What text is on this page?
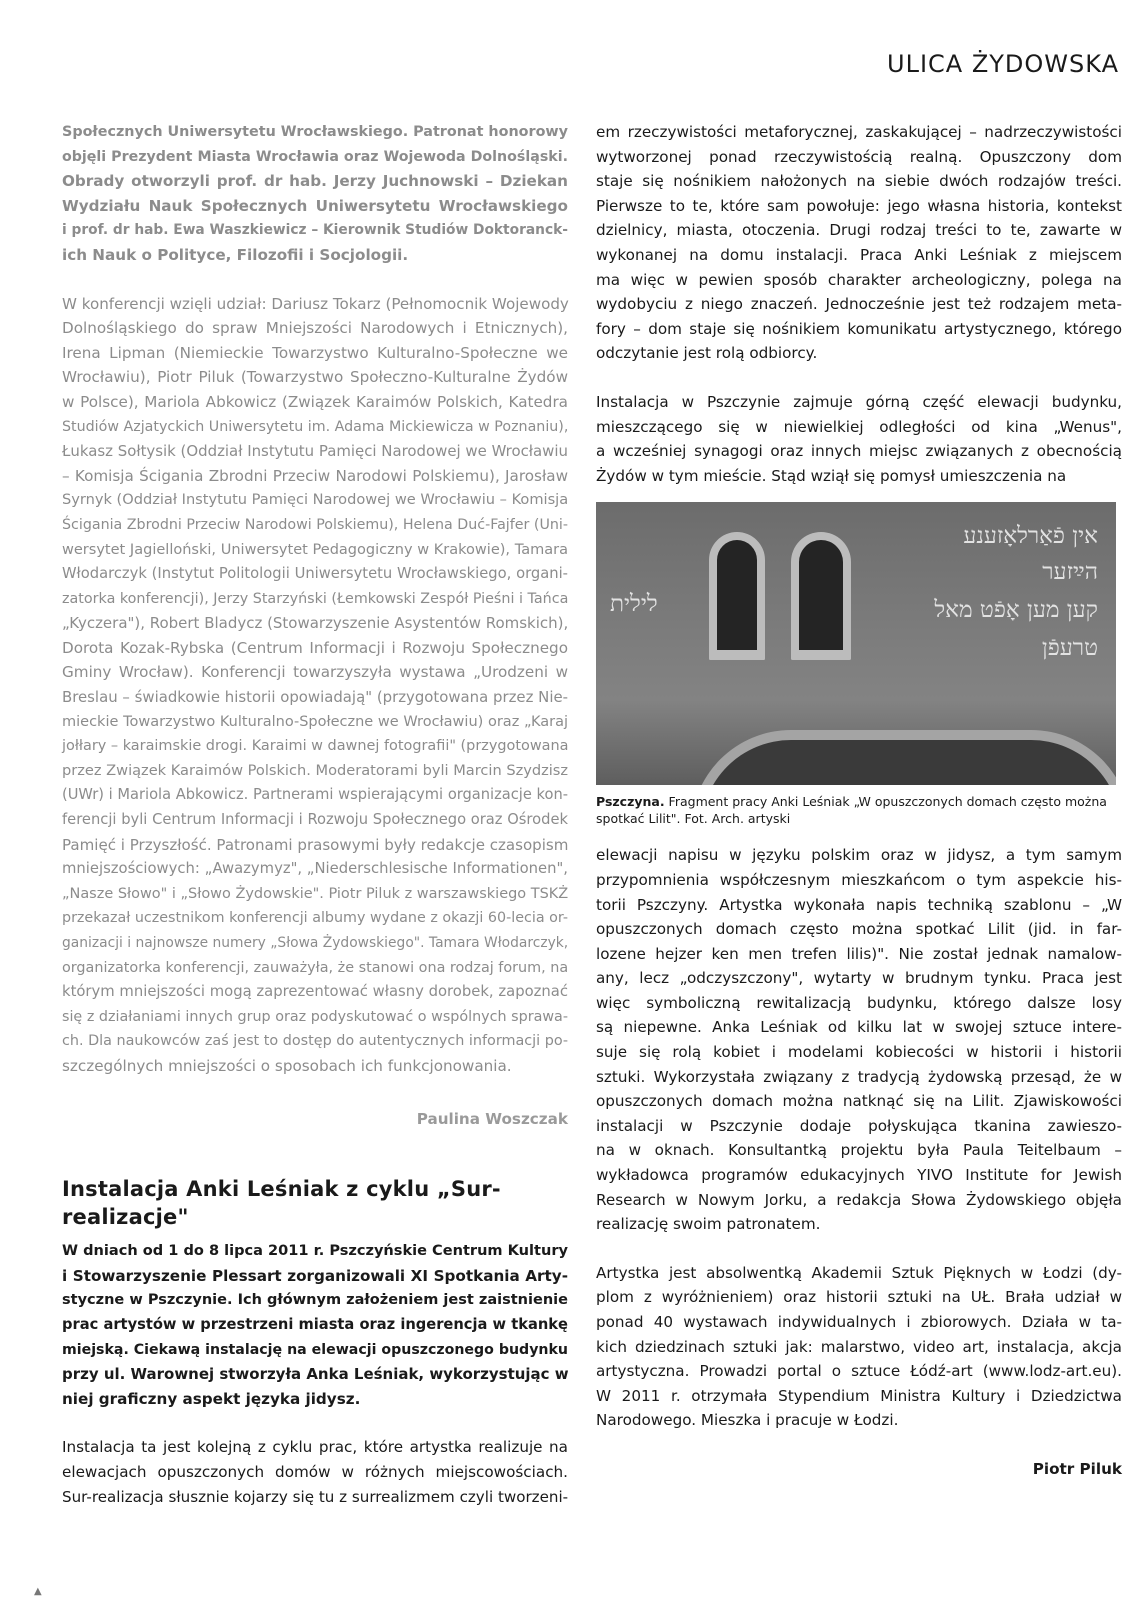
ULICA ŻYDOWSKA
Społecznych Uniwersytetu Wrocławskiego. Patronat honorowy
objęli Prezydent Miasta Wrocławia oraz Wojewoda Dolnośląski.
Obrady otworzyli prof. dr hab. Jerzy Juchnowski – Dziekan
Wydziału Nauk Społecznych Uniwersytetu Wrocławskiego
i prof. dr hab. Ewa Waszkiewicz – Kierownik Studiów Doktoranck-
ich Nauk o Polityce, Filozofii i Socjologii.
W konferencji wzięli udział: Dariusz Tokarz (Pełnomocnik Wojewody
Dolnośląskiego do spraw Mniejszości Narodowych i Etnicznych),
Irena Lipman (Niemieckie Towarzystwo Kulturalno-Społeczne we
Wrocławiu), Piotr Piluk (Towarzystwo Społeczno-Kulturalne Żydów
w Polsce), Mariola Abkowicz (Związek Karaimów Polskich, Katedra
Studiów Azjatyckich Uniwersytetu im. Adama Mickiewicza w Poznaniu),
Łukasz Sołtysik (Oddział Instytutu Pamięci Narodowej we Wrocławiu
– Komisja Ścigania Zbrodni Przeciw Narodowi Polskiemu), Jarosław
Syrnyk (Oddział Instytutu Pamięci Narodowej we Wrocławiu – Komisja
Ścigania Zbrodni Przeciw Narodowi Polskiemu), Helena Duć-Fajfer (Uni-
wersytet Jagielloński, Uniwersytet Pedagogiczny w Krakowie), Tamara
Włodarczyk (Instytut Politologii Uniwersytetu Wrocławskiego, organi-
zatorka konferencji), Jerzy Starzyński (Łemkowski Zespół Pieśni i Tańca
„Kyczera"), Robert Bladycz (Stowarzyszenie Asystentów Romskich),
Dorota Kozak-Rybska (Centrum Informacji i Rozwoju Społecznego
Gminy Wrocław). Konferencji towarzyszyła wystawa „Urodzeni w
Breslau – świadkowie historii opowiadają" (przygotowana przez Nie-
mieckie Towarzystwo Kulturalno-Społeczne we Wrocławiu) oraz „Karaj
jołłary – karaimskie drogi. Karaimi w dawnej fotografii" (przygotowana
przez Związek Karaimów Polskich. Moderatorami byli Marcin Szydzisz
(UWr) i Mariola Abkowicz. Partnerami wspierającymi organizacje kon-
ferencji byli Centrum Informacji i Rozwoju Społecznego oraz Ośrodek
Pamięć i Przyszłość. Patronami prasowymi były redakcje czasopism
mniejszościowych: „Awazymyz", „Niederschlesische Informationen",
„Nasze Słowo" i „Słowo Żydowskie". Piotr Piluk z warszawskiego TSKŻ
przekazał uczestnikom konferencji albumy wydane z okazji 60-lecia or-
ganizacji i najnowsze numery „Słowa Żydowskiego". Tamara Włodarczyk,
organizatorka konferencji, zauważyła, że stanowi ona rodzaj forum, na
którym mniejszości mogą zaprezentować własny dorobek, zapoznać
się z działaniami innych grup oraz podyskutować o wspólnych sprawa-
ch. Dla naukowców zaś jest to dostęp do autentycznych informacji po-
szczególnych mniejszości o sposobach ich funkcjonowania.

Paulina Woszczak

Instalacja Anki Leśniak z cyklu „Sur-realizacje"
W dniach od 1 do 8 lipca 2011 r. Pszczyńskie Centrum Kultury
i Stowarzyszenie Plessart zorganizowali XI Spotkania Arty-
styczne w Pszczynie. Ich głównym założeniem jest zaistnienie
prac artystów w przestrzeni miasta oraz ingerencja w tkankę
miejską. Ciekawą instalację na elewacji opuszczonego budynku
przy ul. Warownej stworzyła Anka Leśniak, wykorzystując w
niej graficzny aspekt języka jidysz.
Instalacja ta jest kolejną z cyklu prac, które artystka realizuje na
elewacjach opuszczonych domów w różnych miejscowościach.
Sur-realizacja słusznie kojarzy się tu z surrealizmem czyli tworzeni-
em rzeczywistości metaforycznej, zaskakującej – nadrzeczywistości
wytworzonej ponad rzeczywistością realną. Opuszczony dom
staje się nośnikiem nałożonych na siebie dwóch rodzajów treści.
Pierwsze to te, które sam powołuje: jego własna historia, kontekst
dzielnicy, miasta, otoczenia. Drugi rodzaj treści to te, zawarte w
wykonanej na domu instalacji. Praca Anki Leśniak z miejscem
ma więc w pewien sposób charakter archeologiczny, polega na
wydobyciu z niego znaczeń. Jednocześnie jest też rodzajem meta-
fory – dom staje się nośnikiem komunikatu artystycznego, którego
odczytanie jest rolą odbiorcy.
Instalacja w Pszczynie zajmuje górną część elewacji budynku,
mieszczącego się w niewielkiej odległości od kina „Wenus",
a wcześniej synagogi oraz innych miejsc związanych z obecnością
Żydów w tym mieście. Stąd wziął się pomysł umieszczenia na
אין פֿאַרלאָזענע
הײַזער
קען מען אָפֿט מאל
טרעפֿן
לילית
Pszczyna. Fragment pracy Anki Leśniak „W opuszczonych domach często można spotkać Lilit". Fot. Arch. artyski
elewacji napisu w języku polskim oraz w jidysz, a tym samym
przypomnienia współczesnym mieszkańcom o tym aspekcie his-
torii Pszczyny. Artystka wykonała napis techniką szablonu – „W
opuszczonych domach często można spotkać Lilit (jid. in far-
lozene hejzer ken men trefen lilis)". Nie został jednak namalow-
any, lecz „odczyszczony", wytarty w brudnym tynku. Praca jest
więc symboliczną rewitalizacją budynku, którego dalsze losy
są niepewne. Anka Leśniak od kilku lat w swojej sztuce intere-
suje się rolą kobiet i modelami kobiecości w historii i historii
sztuki. Wykorzystała związany z tradycją żydowską przesąd, że w
opuszczonych domach można natknąć się na Lilit. Zjawiskowości
instalacji w Pszczynie dodaje połyskująca tkanina zawieszo-
na w oknach. Konsultantką projektu była Paula Teitelbaum –
wykładowca programów edukacyjnych YIVO Institute for Jewish
Research w Nowym Jorku, a redakcja Słowa Żydowskiego objęła
realizację swoim patronatem.
Artystka jest absolwentką Akademii Sztuk Pięknych w Łodzi (dy-
plom z wyróżnieniem) oraz historii sztuki na UŁ. Brała udział w
ponad 40 wystawach indywidualnych i zbiorowych. Działa w ta-
kich dziedzinach sztuki jak: malarstwo, video art, instalacja, akcja
artystyczna. Prowadzi portal o sztuce Łódź-art (www.lodz-art.eu).
W 2011 r. otrzymała Stypendium Ministra Kultury i Dziedzictwa
Narodowego. Mieszka i pracuje w Łodzi.

Piotr Piluk

▲
